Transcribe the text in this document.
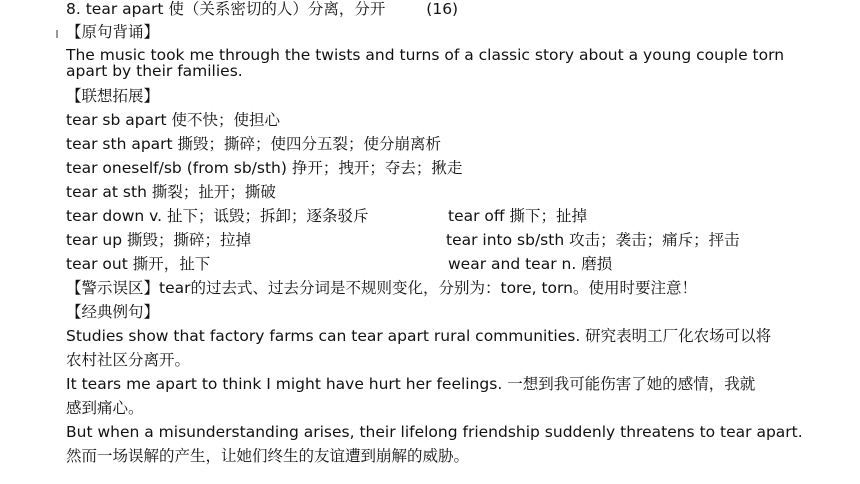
8. tear apart 使（关系密切的人）分离，分开	(16)
【原句背诵】
The music took me through the twists and turns of a classic story about a young couple torn apart by their families.
【联想拓展】
tear sb apart 使不快；使担心
tear sth apart 撕毁；撕碎；使四分五裂；使分崩离析
tear oneself/sb (from sb/sth) 挣开；拽开；夺去；揪走
tear at sth 撕裂；扯开；撕破
tear down v. 扯下；诋毁；拆卸；逐条驳斥	tear off 撕下；扯掉
tear up 撕毁；撕碎；拉掉	tear into sb/sth 攻击；袭击；痛斥；抨击
tear out 撕开，扯下	wear and tear n. 磨损
【警示误区】tear的过去式、过去分词是不规则变化，分别为：tore, torn。使用时要注意！
【经典例句】
Studies show that factory farms can tear apart rural communities. 研究表明工厂化农场可以将
农村社区分离开。
It tears me apart to think I might have hurt her feelings. 一想到我可能伤害了她的感情，我就
感到痛心。
But when a misunderstanding arises, their lifelong friendship suddenly threatens to tear apart.
然而一场误解的产生，让她们终生的友谊遭到崩解的威胁。
